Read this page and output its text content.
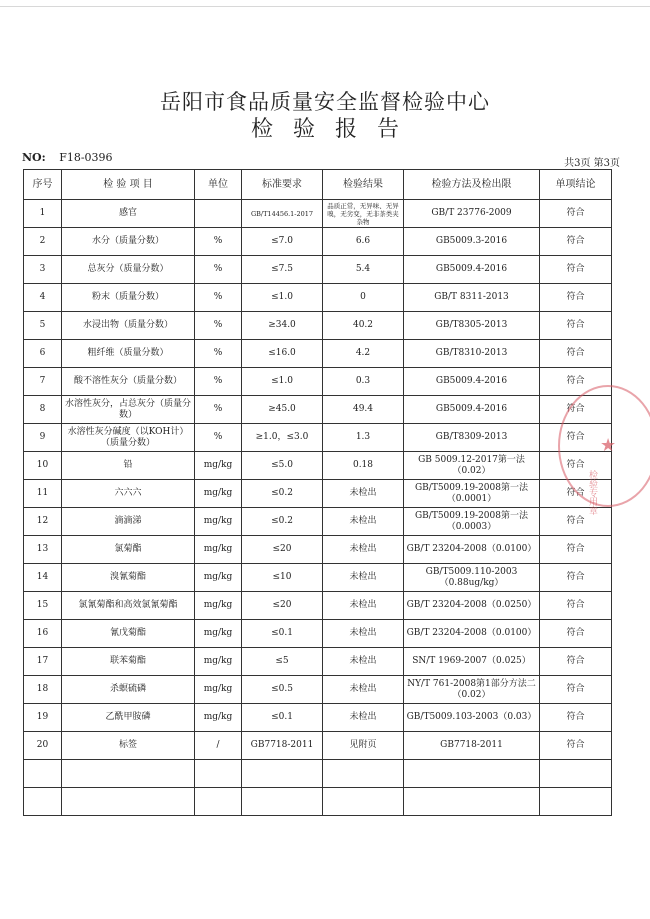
岳阳市食品质量安全监督检验中心
检验报告
NO: F18-0396	共3页 第3页
序号	检 验 项 目	单位	标准要求	检验结果	检验方法及检出限	单项结论
1	感官		GB/T14456.1-2017	品质正常，无异味、无异嗅，无劣变，无非茶类夹杂物	GB/T 23776-2009	符合
2	水分（质量分数）	%	≤7.0	6.6	GB5009.3-2016	符合
3	总灰分（质量分数）	%	≤7.5	5.4	GB5009.4-2016	符合
4	粉末（质量分数）	%	≤1.0	0	GB/T 8311-2013	符合
5	水浸出物（质量分数）	%	≥34.0	40.2	GB/T8305-2013	符合
6	粗纤维（质量分数）	%	≤16.0	4.2	GB/T8310-2013	符合
7	酸不溶性灰分（质量分数）	%	≤1.0	0.3	GB5009.4-2016	符合
8	水溶性灰分，占总灰分（质量分数）	%	≥45.0	49.4	GB5009.4-2016	符合
9	水溶性灰分碱度（以KOH计）（质量分数）	%	≥1.0，≤3.0	1.3	GB/T8309-2013	符合
10	铅	mg/kg	≤5.0	0.18	GB 5009.12-2017第一法（0.02）	符合
11	六六六	mg/kg	≤0.2	未检出	GB/T5009.19-2008第一法（0.0001）	符合
12	滴滴涕	mg/kg	≤0.2	未检出	GB/T5009.19-2008第一法（0.0003）	符合
13	氯菊酯	mg/kg	≤20	未检出	GB/T 23204-2008（0.0100）	符合
14	溴氰菊酯	mg/kg	≤10	未检出	GB/T5009.110-2003（0.88ug/kg）	符合
15	氯氰菊酯和高效氯氰菊酯	mg/kg	≤20	未检出	GB/T 23204-2008（0.0250）	符合
16	氰戊菊酯	mg/kg	≤0.1	未检出	GB/T 23204-2008（0.0100）	符合
17	联苯菊酯	mg/kg	≤5	未检出	SN/T 1969-2007（0.025）	符合
18	杀螟硫磷	mg/kg	≤0.5	未检出	NY/T 761-2008第1部分方法二（0.02）	符合
19	乙酰甲胺磷	mg/kg	≤0.1	未检出	GB/T5009.103-2003（0.03）	符合
20	标签	/	GB7718-2011	见附页	GB7718-2011	符合

检验专用章
★
